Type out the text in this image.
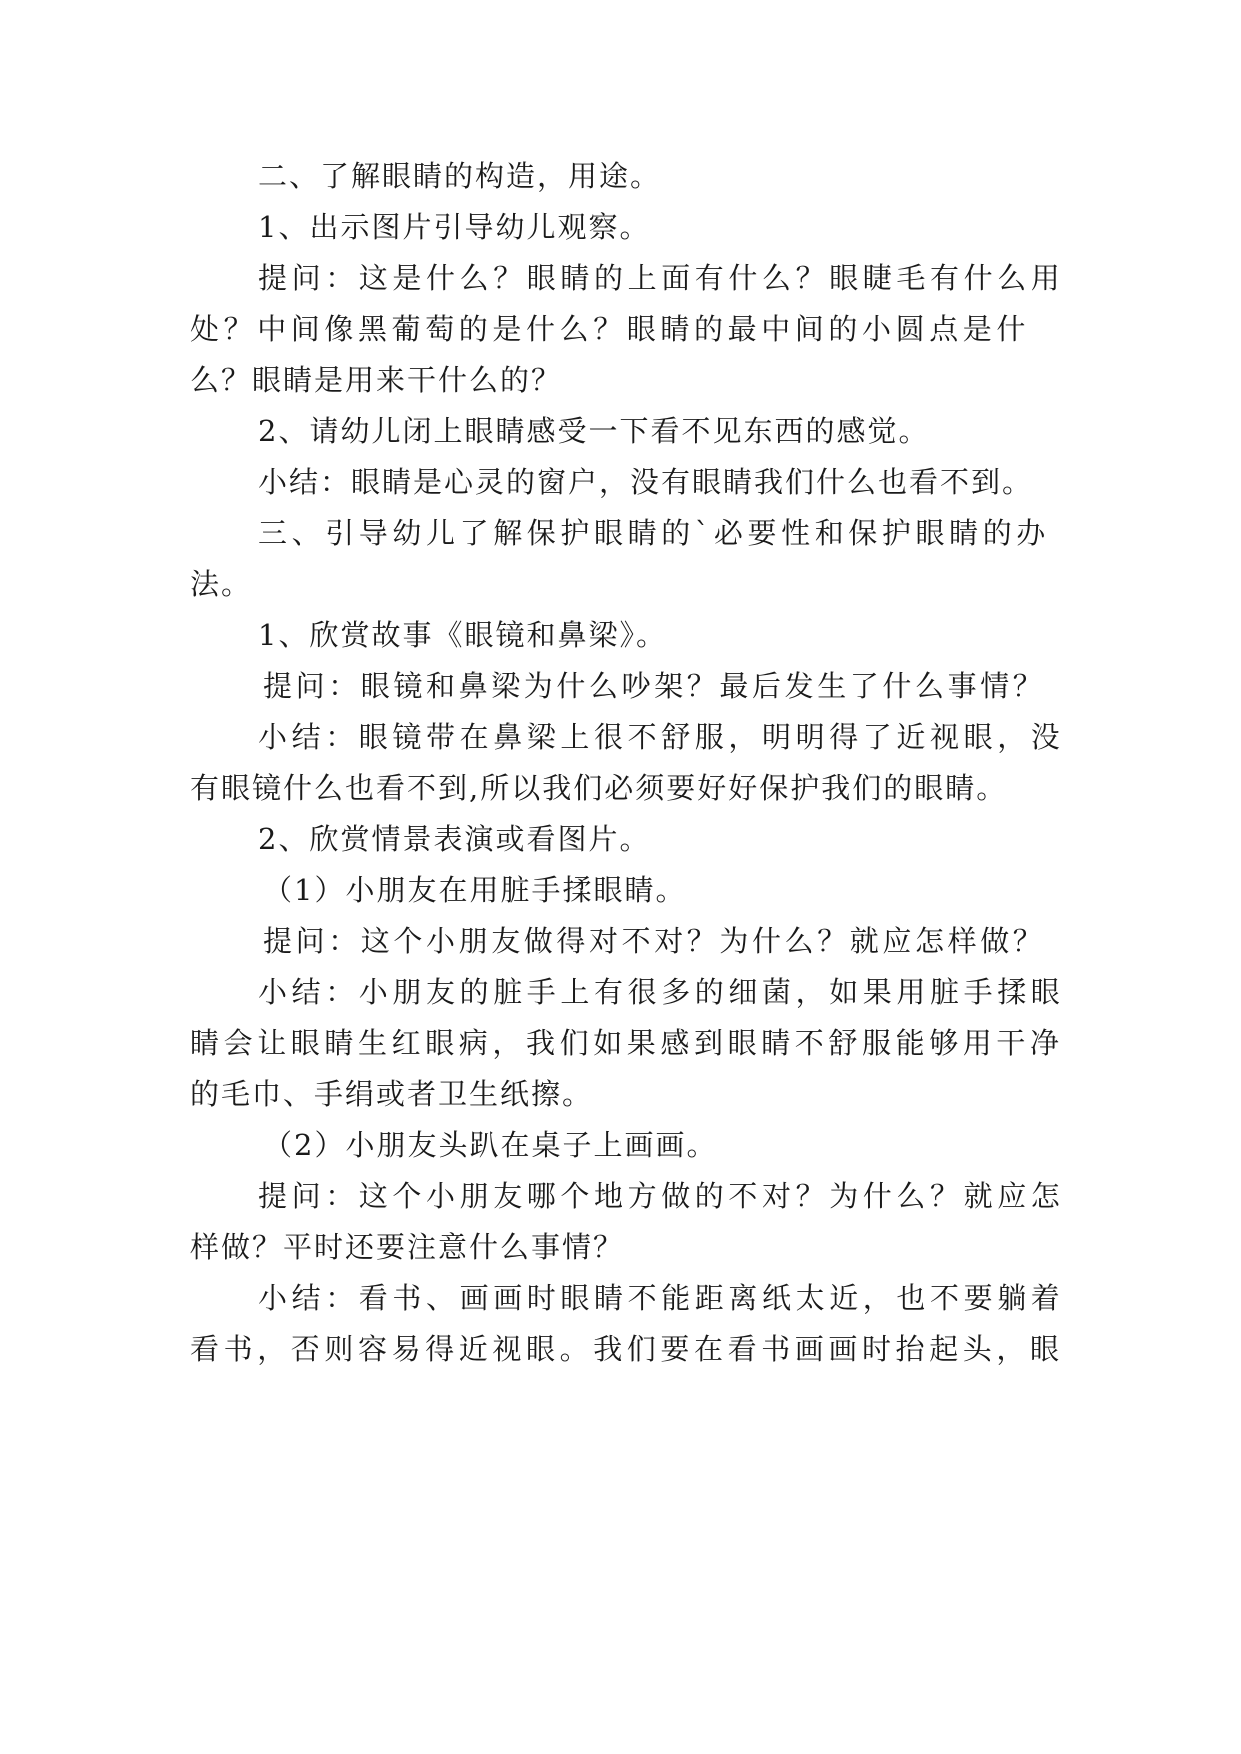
二、了解眼睛的构造，用途。
1、出示图片引导幼儿观察。
提问：这是什么？眼睛的上面有什么？眼睫毛有什么用
处？中间像黑葡萄的是什么？眼睛的最中间的小圆点是什
么？眼睛是用来干什么的？
2、请幼儿闭上眼睛感受一下看不见东西的感觉。
小结：眼睛是心灵的窗户，没有眼睛我们什么也看不到。
三、引导幼儿了解保护眼睛的`必要性和保护眼睛的办
法。
1、欣赏故事《眼镜和鼻梁》。
提问：眼镜和鼻梁为什么吵架？最后发生了什么事情？
小结：眼镜带在鼻梁上很不舒服，明明得了近视眼，没
有眼镜什么也看不到,所以我们必须要好好保护我们的眼睛。
2、欣赏情景表演或看图片。
（1）小朋友在用脏手揉眼睛。
提问：这个小朋友做得对不对？为什么？就应怎样做？
小结：小朋友的脏手上有很多的细菌，如果用脏手揉眼
睛会让眼睛生红眼病，我们如果感到眼睛不舒服能够用干净
的毛巾、手绢或者卫生纸擦。
（2）小朋友头趴在桌子上画画。
提问：这个小朋友哪个地方做的不对？为什么？就应怎
样做？平时还要注意什么事情？
小结：看书、画画时眼睛不能距离纸太近，也不要躺着
看书，否则容易得近视眼。我们要在看书画画时抬起头，眼
